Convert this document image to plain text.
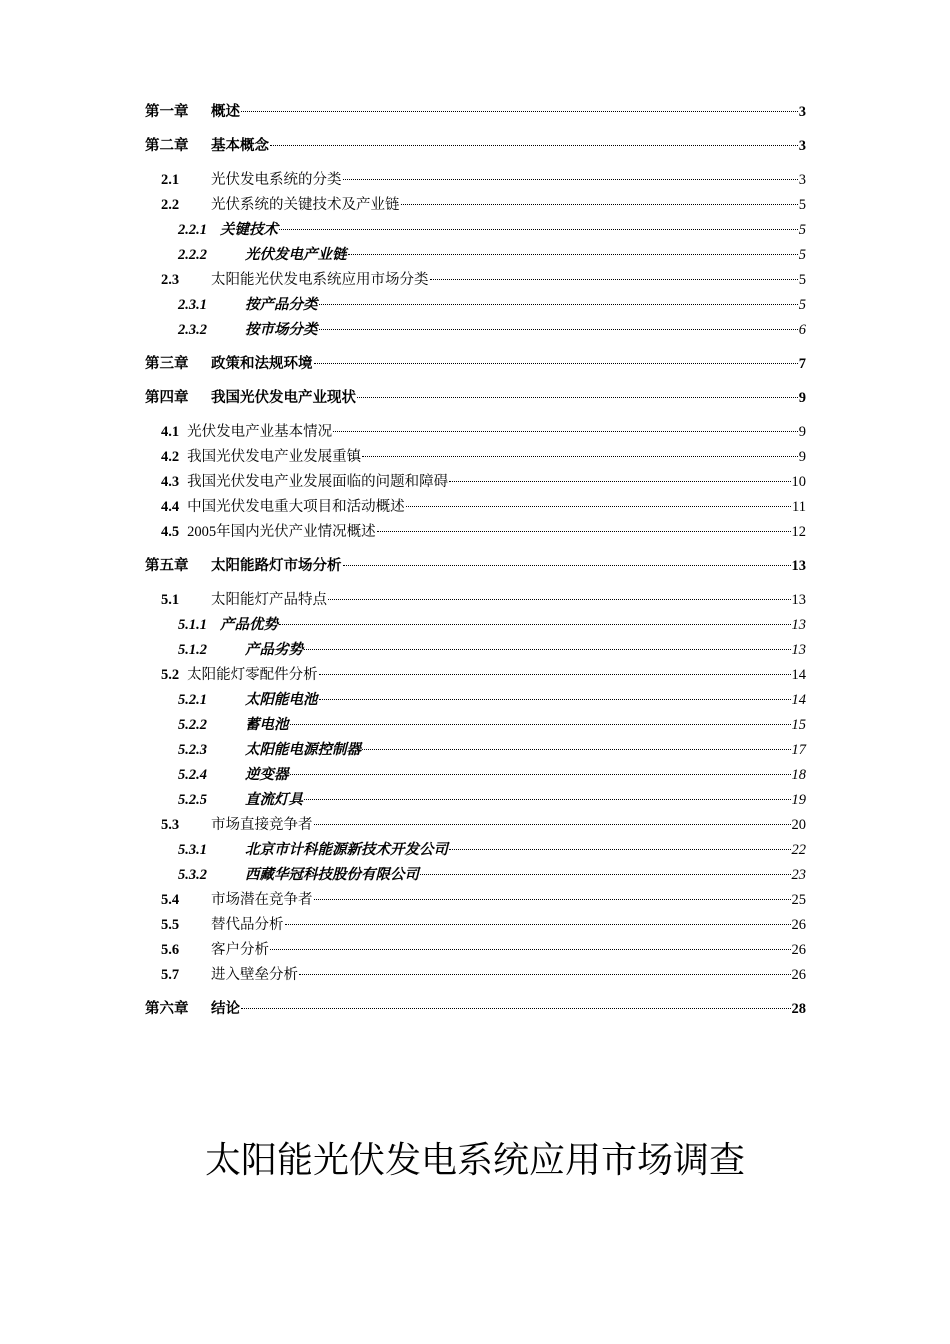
第一章	概述	3
第二章	基本概念	3
2.1	光伏发电系统的分类	3
2.2	光伏系统的关键技术及产业链	5
2.2.1 关键技术	5
2.2.2	光伏发电产业链	5
2.3	太阳能光伏发电系统应用市场分类	5
2.3.1	按产品分类	5
2.3.2	按市场分类	6
第三章	政策和法规环境	7
第四章	我国光伏发电产业现状	9
4.1 光伏发电产业基本情况	9
4.2 我国光伏发电产业发展重镇	9
4.3 我国光伏发电产业发展面临的问题和障碍	10
4.4 中国光伏发电重大项目和活动概述	11
4.5 2005年国内光伏产业情况概述	12
第五章	太阳能路灯市场分析	13
5.1	太阳能灯产品特点	13
5.1.1 产品优势	13
5.1.2	产品劣势	13
5.2 太阳能灯零配件分析	14
5.2.1	太阳能电池	14
5.2.2	蓄电池	15
5.2.3	太阳能电源控制器	17
5.2.4	逆变器	18
5.2.5	直流灯具	19
5.3	市场直接竞争者	20
5.3.1	北京市计科能源新技术开发公司	22
5.3.2	西藏华冠科技股份有限公司	23
5.4	市场潜在竞争者	25
5.5	替代品分析	26
5.6	客户分析	26
5.7	进入壁垒分析	26
第六章	结论	28
太阳能光伏发电系统应用市场调查
